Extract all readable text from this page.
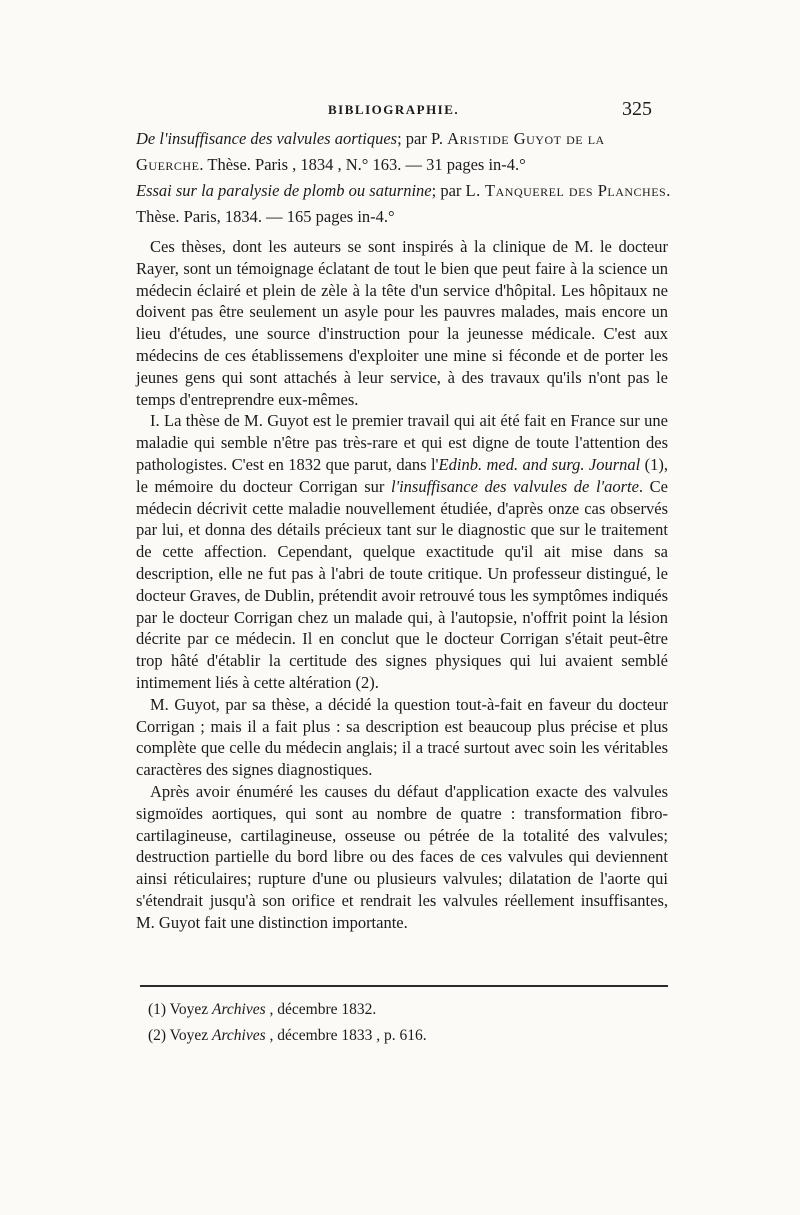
BIBLIOGRAPHIE.	325
De l'insuffisance des valvules aortiques; par P. Aristide Guyot de la Guerche. Thèse. Paris , 1834 , N.° 163. — 31 pages in-4.°
Essai sur la paralysie de plomb ou saturnine; par L. Tanquerel des Planches. Thèse. Paris, 1834. — 165 pages in-4.°

Ces thèses, dont les auteurs se sont inspirés à la clinique de M. le docteur Rayer, sont un témoignage éclatant de tout le bien que peut faire à la science un médecin éclairé et plein de zèle à la tête d'un service d'hôpital. Les hôpitaux ne doivent pas être seulement un asyle pour les pauvres malades, mais encore un lieu d'études, une source d'instruction pour la jeunesse médicale. C'est aux médecins de ces établissemens d'exploiter une mine si féconde et de porter les jeunes gens qui sont attachés à leur service, à des travaux qu'ils n'ont pas le temps d'entreprendre eux-mêmes.

I. La thèse de M. Guyot est le premier travail qui ait été fait en France sur une maladie qui semble n'être pas très-rare et qui est digne de toute l'attention des pathologistes. C'est en 1832 que parut, dans l'Edinb. med. and surg. Journal (1), le mémoire du docteur Corrigan sur l'insuffisance des valvules de l'aorte. Ce médecin décrivit cette maladie nouvellement étudiée, d'après onze cas observés par lui, et donna des détails précieux tant sur le diagnostic que sur le traitement de cette affection. Cependant, quelque exactitude qu'il ait mise dans sa description, elle ne fut pas à l'abri de toute critique. Un professeur distingué, le docteur Graves, de Dublin, prétendit avoir retrouvé tous les symptômes indiqués par le docteur Corrigan chez un malade qui, à l'autopsie, n'offrit point la lésion décrite par ce médecin. Il en conclut que le docteur Corrigan s'était peut-être trop hâté d'établir la certitude des signes physiques qui lui avaient semblé intimement liés à cette altération (2).

M. Guyot, par sa thèse, a décidé la question tout-à-fait en faveur du docteur Corrigan ; mais il a fait plus : sa description est beaucoup plus précise et plus complète que celle du médecin anglais; il a tracé surtout avec soin les véritables caractères des signes diagnostiques.

Après avoir énuméré les causes du défaut d'application exacte des valvules sigmoïdes aortiques, qui sont au nombre de quatre : transformation fibro-cartilagineuse, cartilagineuse, osseuse ou pétrée de la totalité des valvules; destruction partielle du bord libre ou des faces de ces valvules qui deviennent ainsi réticulaires; rupture d'une ou plusieurs valvules; dilatation de l'aorte qui s'étendrait jusqu'à son orifice et rendrait les valvules réellement insuffisantes, M. Guyot fait une distinction importante.

(1) Voyez Archives , décembre 1832.
(2) Voyez Archives , décembre 1833 , p. 616.
